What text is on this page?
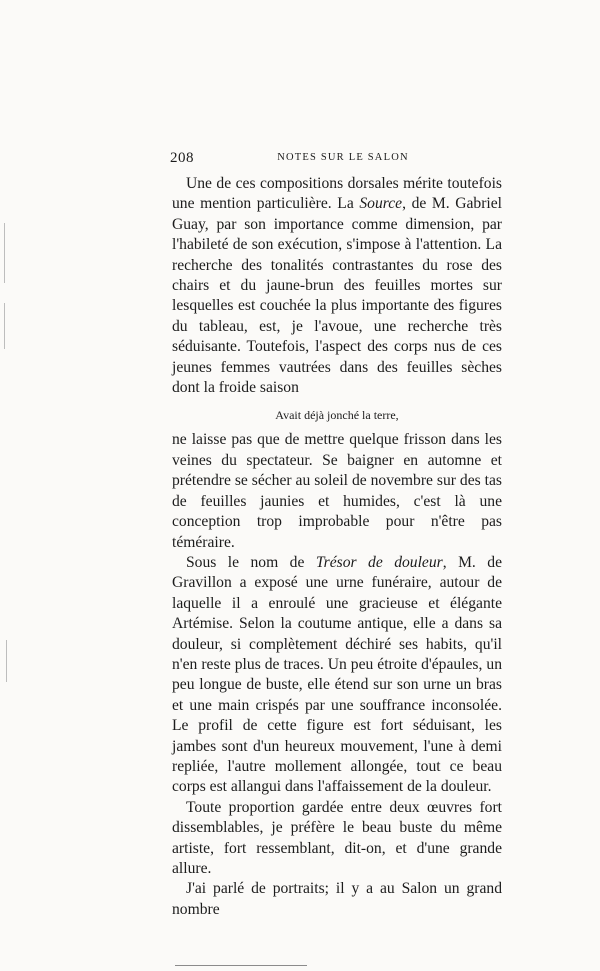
208	NOTES SUR LE SALON

Une de ces compositions dorsales mérite toutefois une mention particulière. La Source, de M. Gabriel Guay, par son importance comme dimension, par l'habileté de son exécution, s'impose à l'attention. La recherche des tonalités contrastantes du rose des chairs et du jaune-brun des feuilles mortes sur lesquelles est couchée la plus importante des figures du tableau, est, je l'avoue, une recherche très séduisante. Toutefois, l'aspect des corps nus de ces jeunes femmes vautrées dans des feuilles sèches dont la froide saison

Avait déjà jonché la terre,

ne laisse pas que de mettre quelque frisson dans les veines du spectateur. Se baigner en automne et prétendre se sécher au soleil de novembre sur des tas de feuilles jaunies et humides, c'est là une conception trop improbable pour n'être pas téméraire.

Sous le nom de Trésor de douleur, M. de Gravillon a exposé une urne funéraire, autour de laquelle il a enroulé une gracieuse et élégante Artémise. Selon la coutume antique, elle a dans sa douleur, si complètement déchiré ses habits, qu'il n'en reste plus de traces. Un peu étroite d'épaules, un peu longue de buste, elle étend sur son urne un bras et une main crispés par une souffrance inconsolée. Le profil de cette figure est fort séduisant, les jambes sont d'un heureux mouvement, l'une à demi repliée, l'autre mollement allongée, tout ce beau corps est allangui dans l'affaissement de la douleur.

Toute proportion gardée entre deux œuvres fort dissemblables, je préfère le beau buste du même artiste, fort ressemblant, dit-on, et d'une grande allure.

J'ai parlé de portraits; il y a au Salon un grand nombre
